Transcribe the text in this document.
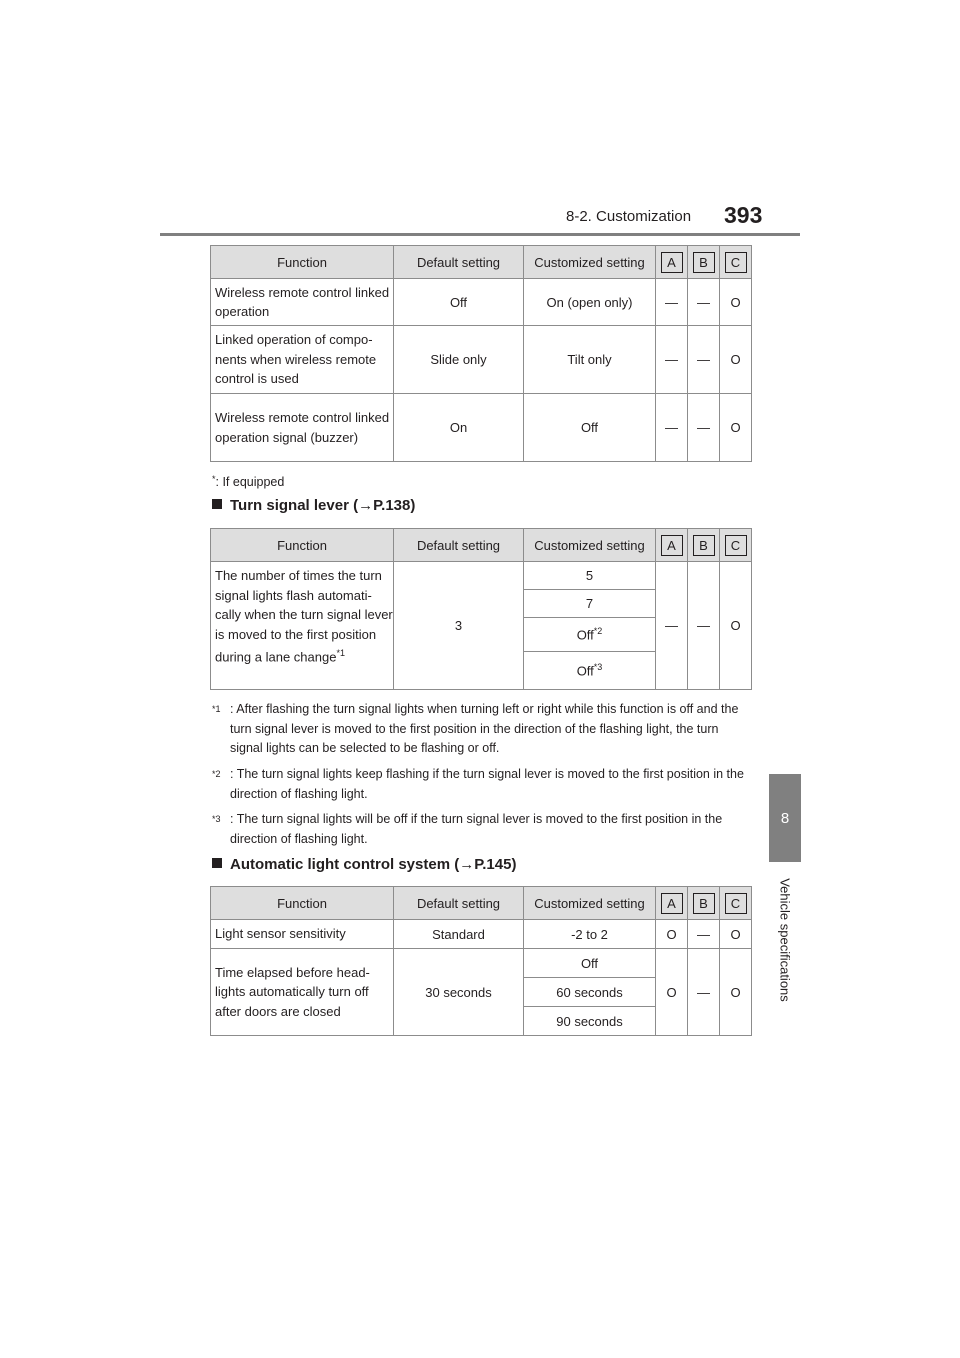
8-2. Customization 393
8
Vehicle specifications
Function	Default setting	Customized setting	A	B	C
Wireless remote control linked operation	Off	On (open only)	—	—	O
Linked operation of compo- nents when wireless remote control is used	Slide only	Tilt only	—	—	O
Wireless remote control linked operation signal (buzzer)	On	Off	—	—	O
*: If equipped
Turn signal lever (→P.138)
Function	Default setting	Customized setting	A	B	C
The number of times the turn signal lights flash automati- cally when the turn signal lever is moved to the first position during a lane change$^{*1}$	3	5	—	—	O
		7			
		Off$^{*2}$
		Off$^{*3}$
$^{*1}$ : After flashing the turn signal lights when turning left or right while this function is off and the turn signal lever is moved to the first position in the direction of the flashing light, the turn signal lights can be selected to be flashing or off.
$^{*2}$ : The turn signal lights keep flashing if the turn signal lever is moved to the first position in the direction of flashing light.
$^{*3}$ : The turn signal lights will be off if the turn signal lever is moved to the first position in the direction of flashing light.
Automatic light control system (→P.145)
Function	Default setting	Customized setting	A	B	C
Light sensor sensitivity	Standard	-2 to 2	O	—	O
Time elapsed before head- lights automatically turn off after doors are closed	30 seconds	Off	O	—	O
		60 seconds			
		90 seconds			
